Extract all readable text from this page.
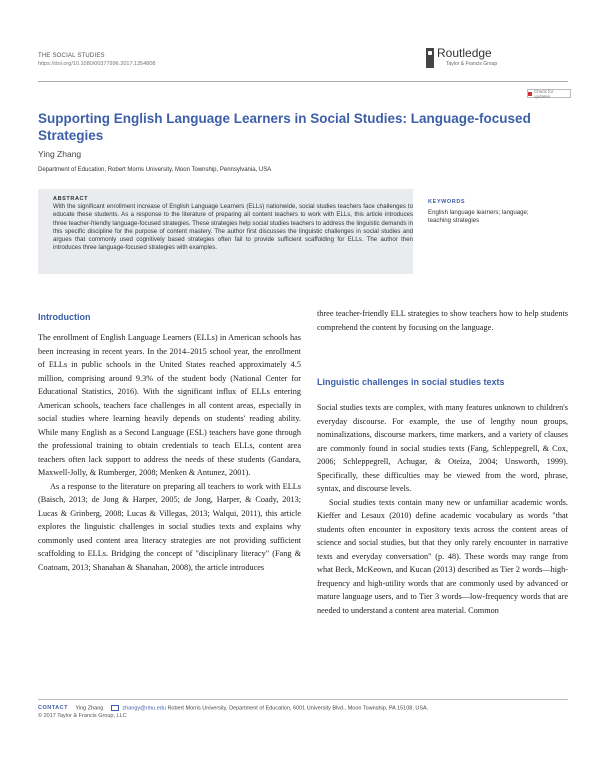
THE SOCIAL STUDIES
https://doi.org/10.1080/00377996.2017.1354808
Routledge
Taylor & Francis Group
Check for updates
Supporting English Language Learners in Social Studies: Language-focused Strategies
Ying Zhang
Department of Education, Robert Morris University, Moon Township, Pennsylvania, USA
ABSTRACT
With the significant enrollment increase of English Language Learners (ELLs) nationwide, social studies teachers face challenges to educate these students. As a response to the literature of preparing all content teachers to work with ELLs, this article introduces three teacher-friendly language-focused strategies. These strategies help social studies teachers to address the linguistic demands in this specific discipline for the purpose of content mastery. The author first discusses the linguistic challenges in social studies and argues that commonly used cognitively based strategies often fail to provide sufficient scaffolding for ELLs. The author then introduces three language-focused strategies with examples.
KEYWORDS
English language learners; language; teaching strategies
Introduction

The enrollment of English Language Learners (ELLs) in American schools has been increasing in recent years. In the 2014–2015 school year, the enrollment of ELLs in public schools in the United States reached approximately 4.5 million, comprising around 9.3% of the student body (National Center for Educational Statistics, 2016). With the significant influx of ELLs entering American schools, teachers face challenges in all content areas, especially in social studies where learning heavily depends on students' reading ability. While many English as a Second Language (ESL) teachers have gone through the professional training to obtain credentials to teach ELLs, content area teachers often lack support to address the needs of these students (Gandara, Maxwell-Jolly, & Rumberger, 2008; Menken & Antunez, 2001).

As a response to the literature on preparing all teachers to work with ELLs (Baisch, 2013; de Jong & Harper, 2005; de Jong, Harper, & Coady, 2013; Lucas & Grinberg, 2008; Lucas & Villegas, 2013; Walqui, 2011), this article explores the linguistic challenges in social studies texts and explains why commonly used content area literacy strategies are not providing sufficient scaffolding to ELLs. Bridging the concept of "disciplinary literacy" (Fang & Coatoam, 2013; Shanahan & Shanahan, 2008), the article introduces

three teacher-friendly ELL strategies to show teachers how to help students comprehend the content by focusing on the language.

Linguistic challenges in social studies texts

Social studies texts are complex, with many features unknown to children's everyday discourse. For example, the use of lengthy noun groups, nominalizations, discourse markers, time markers, and a variety of clauses are commonly found in social studies texts (Fang, Schleppegrell, & Cox, 2006; Schleppegrell, Achugar, & Oteíza, 2004; Unsworth, 1999). Specifically, these difficulties may be viewed from the word, phrase, syntax, and discourse levels.

Social studies texts contain many new or unfamiliar academic words. Kieffer and Lesaux (2010) define academic vocabulary as words "that students often encounter in expository texts across the content areas of science and social studies, but that they only rarely encounter in narrative texts and everyday conversation" (p. 48). These words may range from what Beck, McKeown, and Kucan (2013) described as Tier 2 words—high-frequency and high-utility words that are commonly used by advanced or mature language users, and to Tier 3 words—low-frequency words that are needed to understand a content area material. Common

CONTACT Ying Zhang	zhangy@rmu.edu Robert Morris University, Department of Education, 6001 University Blvd., Moon Township, PA 15108, USA.
© 2017 Taylor & Francis Group, LLC
